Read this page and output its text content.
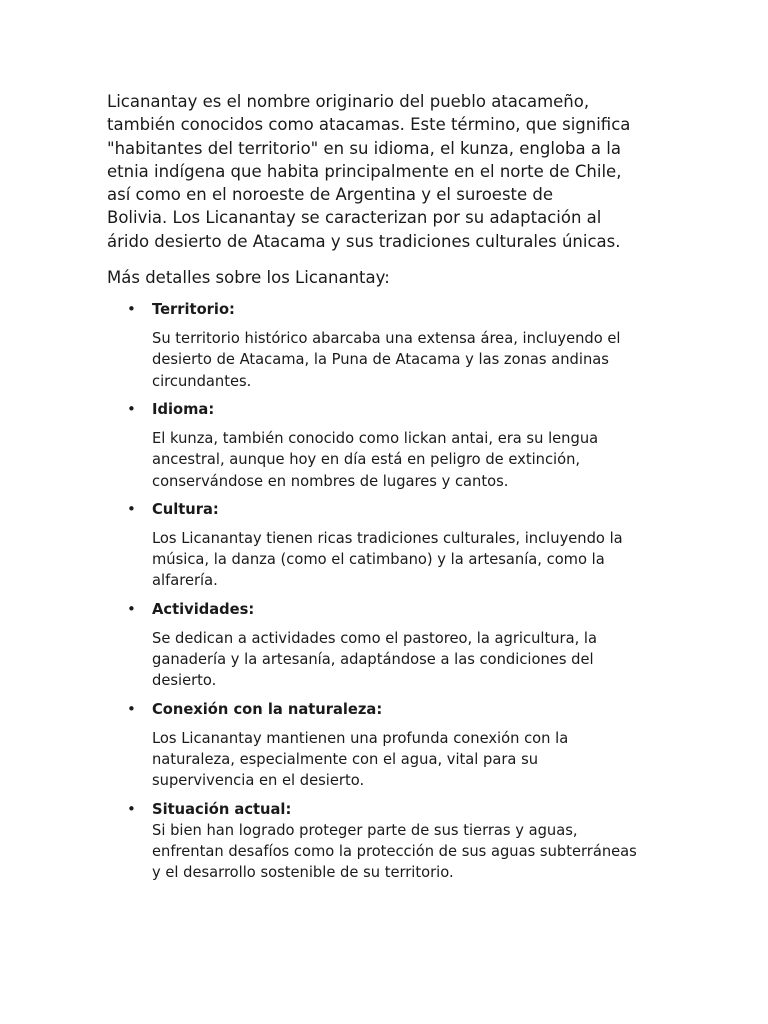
Licanantay es el nombre originario del pueblo atacameño,
también conocidos como atacamas. Este término, que significa
"habitantes del territorio" en su idioma, el kunza, engloba a la
etnia indígena que habita principalmente en el norte de Chile,
así como en el noroeste de Argentina y el suroeste de
Bolivia. Los Licanantay se caracterizan por su adaptación al
árido desierto de Atacama y sus tradiciones culturales únicas.

Más detalles sobre los Licanantay:

• Territorio:

Su territorio histórico abarcaba una extensa área, incluyendo el
desierto de Atacama, la Puna de Atacama y las zonas andinas
circundantes.

• Idioma:

El kunza, también conocido como lickan antai, era su lengua
ancestral, aunque hoy en día está en peligro de extinción,
conservándose en nombres de lugares y cantos.

• Cultura:

Los Licanantay tienen ricas tradiciones culturales, incluyendo la
música, la danza (como el catimbano) y la artesanía, como la
alfarería.

• Actividades:

Se dedican a actividades como el pastoreo, la agricultura, la
ganadería y la artesanía, adaptándose a las condiciones del
desierto.

• Conexión con la naturaleza:

Los Licanantay mantienen una profunda conexión con la
naturaleza, especialmente con el agua, vital para su
supervivencia en el desierto.

• Situación actual:

Si bien han logrado proteger parte de sus tierras y aguas,
enfrentan desafíos como la protección de sus aguas subterráneas
y el desarrollo sostenible de su territorio.
